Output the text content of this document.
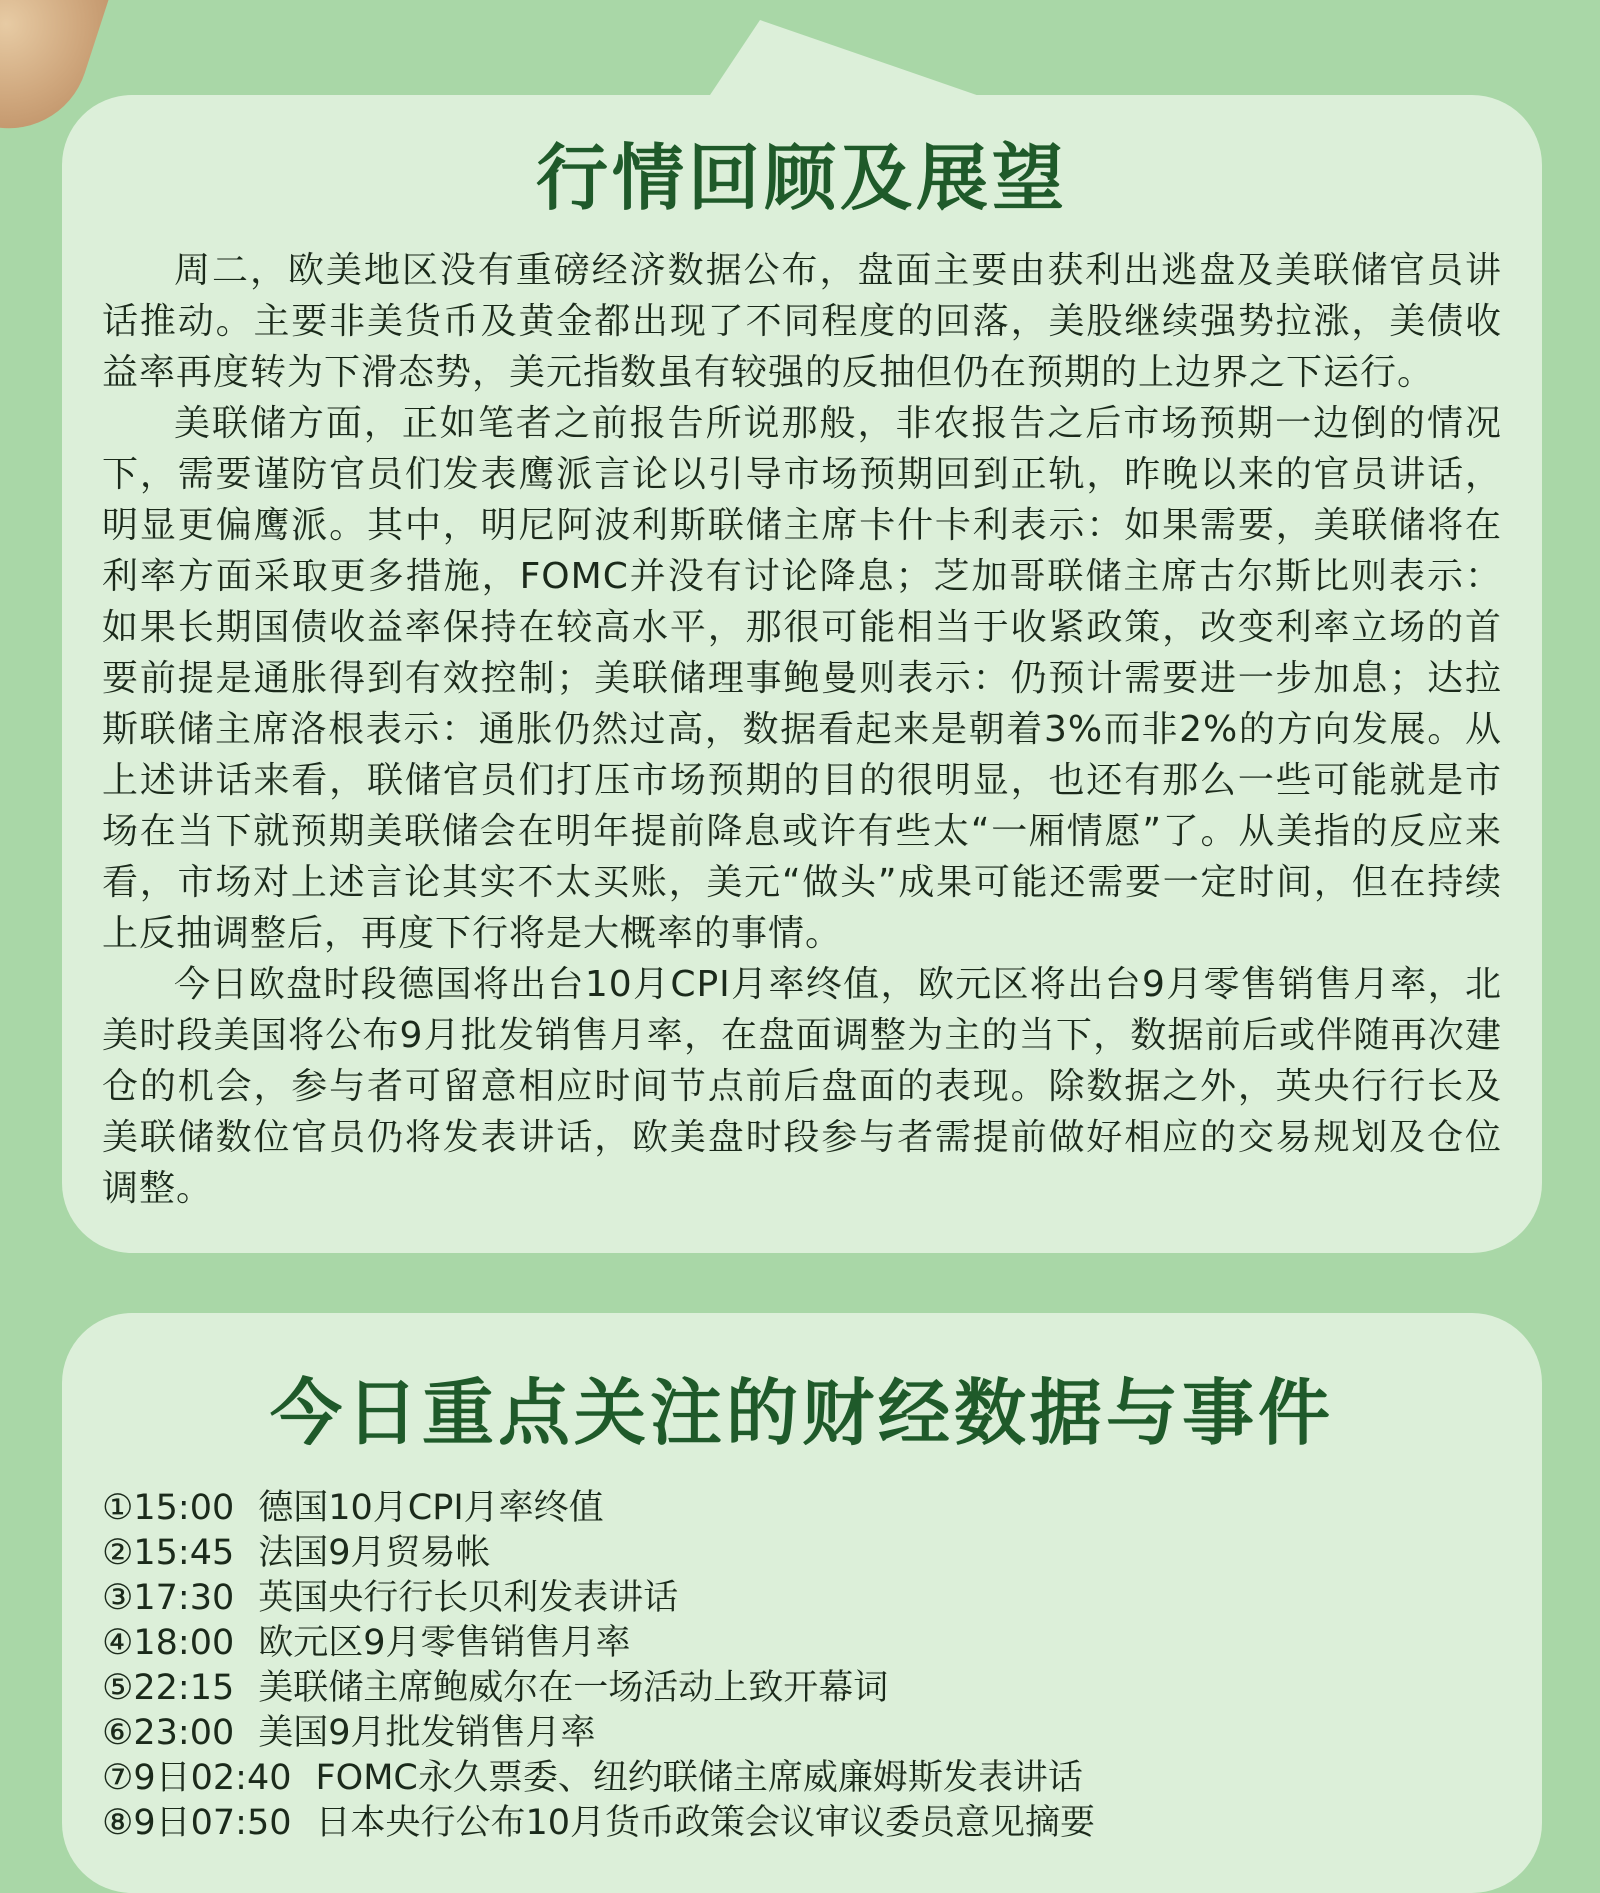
行情回顾及展望

周二，欧美地区没有重磅经济数据公布，盘面主要由获利出逃盘及美联储官员讲话推动。主要非美货币及黄金都出现了不同程度的回落，美股继续强势拉涨，美债收益率再度转为下滑态势，美元指数虽有较强的反抽但仍在预期的上边界之下运行。

美联储方面，正如笔者之前报告所说那般，非农报告之后市场预期一边倒的情况下，需要谨防官员们发表鹰派言论以引导市场预期回到正轨，昨晚以来的官员讲话，明显更偏鹰派。其中，明尼阿波利斯联储主席卡什卡利表示：如果需要，美联储将在利率方面采取更多措施，FOMC并没有讨论降息；芝加哥联储主席古尔斯比则表示：如果长期国债收益率保持在较高水平，那很可能相当于收紧政策，改变利率立场的首要前提是通胀得到有效控制；美联储理事鲍曼则表示：仍预计需要进一步加息；达拉斯联储主席洛根表示：通胀仍然过高，数据看起来是朝着3%而非2%的方向发展。从上述讲话来看，联储官员们打压市场预期的目的很明显，也还有那么一些可能就是市场在当下就预期美联储会在明年提前降息或许有些太“一厢情愿”了。从美指的反应来看，市场对上述言论其实不太买账，美元“做头”成果可能还需要一定时间，但在持续上反抽调整后，再度下行将是大概率的事情。

今日欧盘时段德国将出台10月CPI月率终值，欧元区将出台9月零售销售月率，北美时段美国将公布9月批发销售月率，在盘面调整为主的当下，数据前后或伴随再次建仓的机会，参与者可留意相应时间节点前后盘面的表现。除数据之外，英央行行长及美联储数位官员仍将发表讲话，欧美盘时段参与者需提前做好相应的交易规划及仓位调整。

今日重点关注的财经数据与事件
①15:00 德国10月CPI月率终值
②15:45 法国9月贸易帐
③17:30 英国央行行长贝利发表讲话
④18:00 欧元区9月零售销售月率
⑤22:15 美联储主席鲍威尔在一场活动上致开幕词
⑥23:00 美国9月批发销售月率
⑦9日02:40 FOMC永久票委、纽约联储主席威廉姆斯发表讲话
⑧9日07:50 日本央行公布10月货币政策会议审议委员意见摘要
